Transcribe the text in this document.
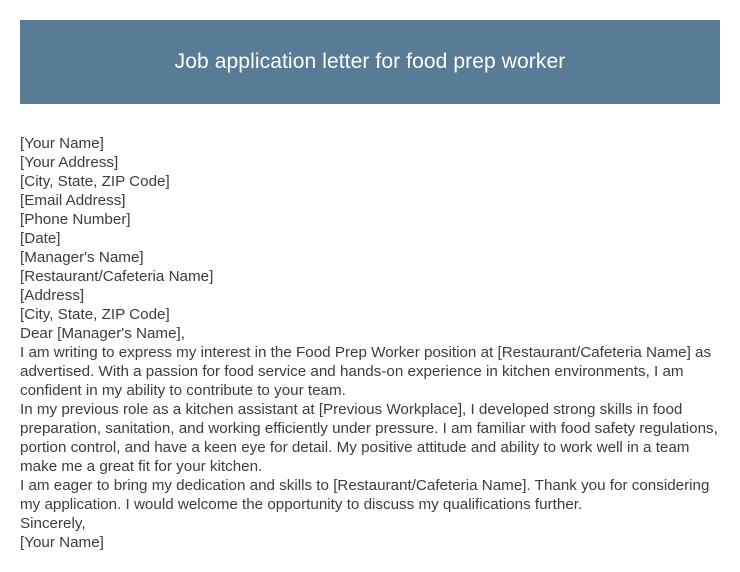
Job application letter for food prep worker

[Your Name]

[Your Address]

[City, State, ZIP Code]

[Email Address]

[Phone Number]

[Date]

[Manager's Name]

[Restaurant/Cafeteria Name]

[Address]

[City, State, ZIP Code]

Dear [Manager's Name],

I am writing to express my interest in the Food Prep Worker position at [Restaurant/Cafeteria Name] as advertised. With a passion for food service and hands-on experience in kitchen environments, I am confident in my ability to contribute to your team.

In my previous role as a kitchen assistant at [Previous Workplace], I developed strong skills in food preparation, sanitation, and working efficiently under pressure. I am familiar with food safety regulations, portion control, and have a keen eye for detail. My positive attitude and ability to work well in a team make me a great fit for your kitchen.

I am eager to bring my dedication and skills to [Restaurant/Cafeteria Name]. Thank you for considering my application. I would welcome the opportunity to discuss my qualifications further.

Sincerely,

[Your Name]
